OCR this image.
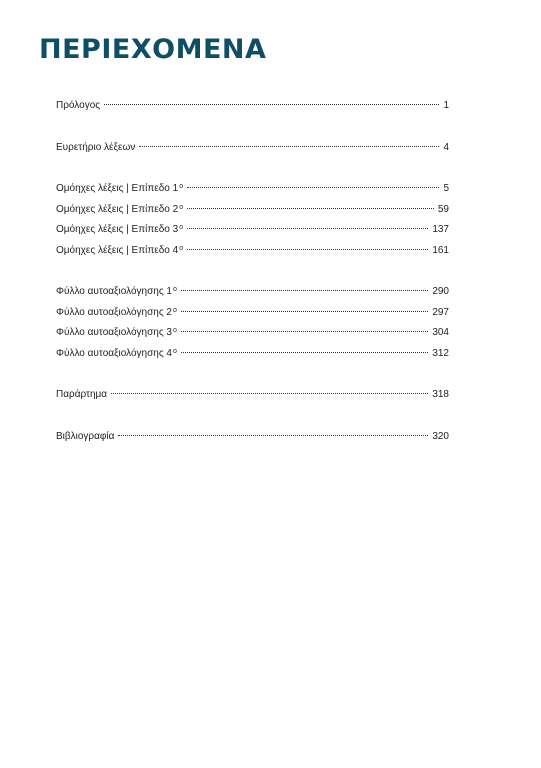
ΠΕΡΙΕΧΟΜΕΝΑ
Πρόλογος	1
Ευρετήριο λέξεων	4
Ομόηχες λέξεις | Επίπεδο $1^o$	5
Ομόηχες λέξεις | Επίπεδο $2^o$	59
Ομόηχες λέξεις | Επίπεδο $3^o$	137
Ομόηχες λέξεις | Επίπεδο $4^o$	161
Φύλλο αυτοαξιολόγησης $1^o$	290
Φύλλο αυτοαξιολόγησης $2^o$	297
Φύλλο αυτοαξιολόγησης $3^o$	304
Φύλλο αυτοαξιολόγησης $4^o$	312
Παράρτημα	318
Βιβλιογραφία	320
